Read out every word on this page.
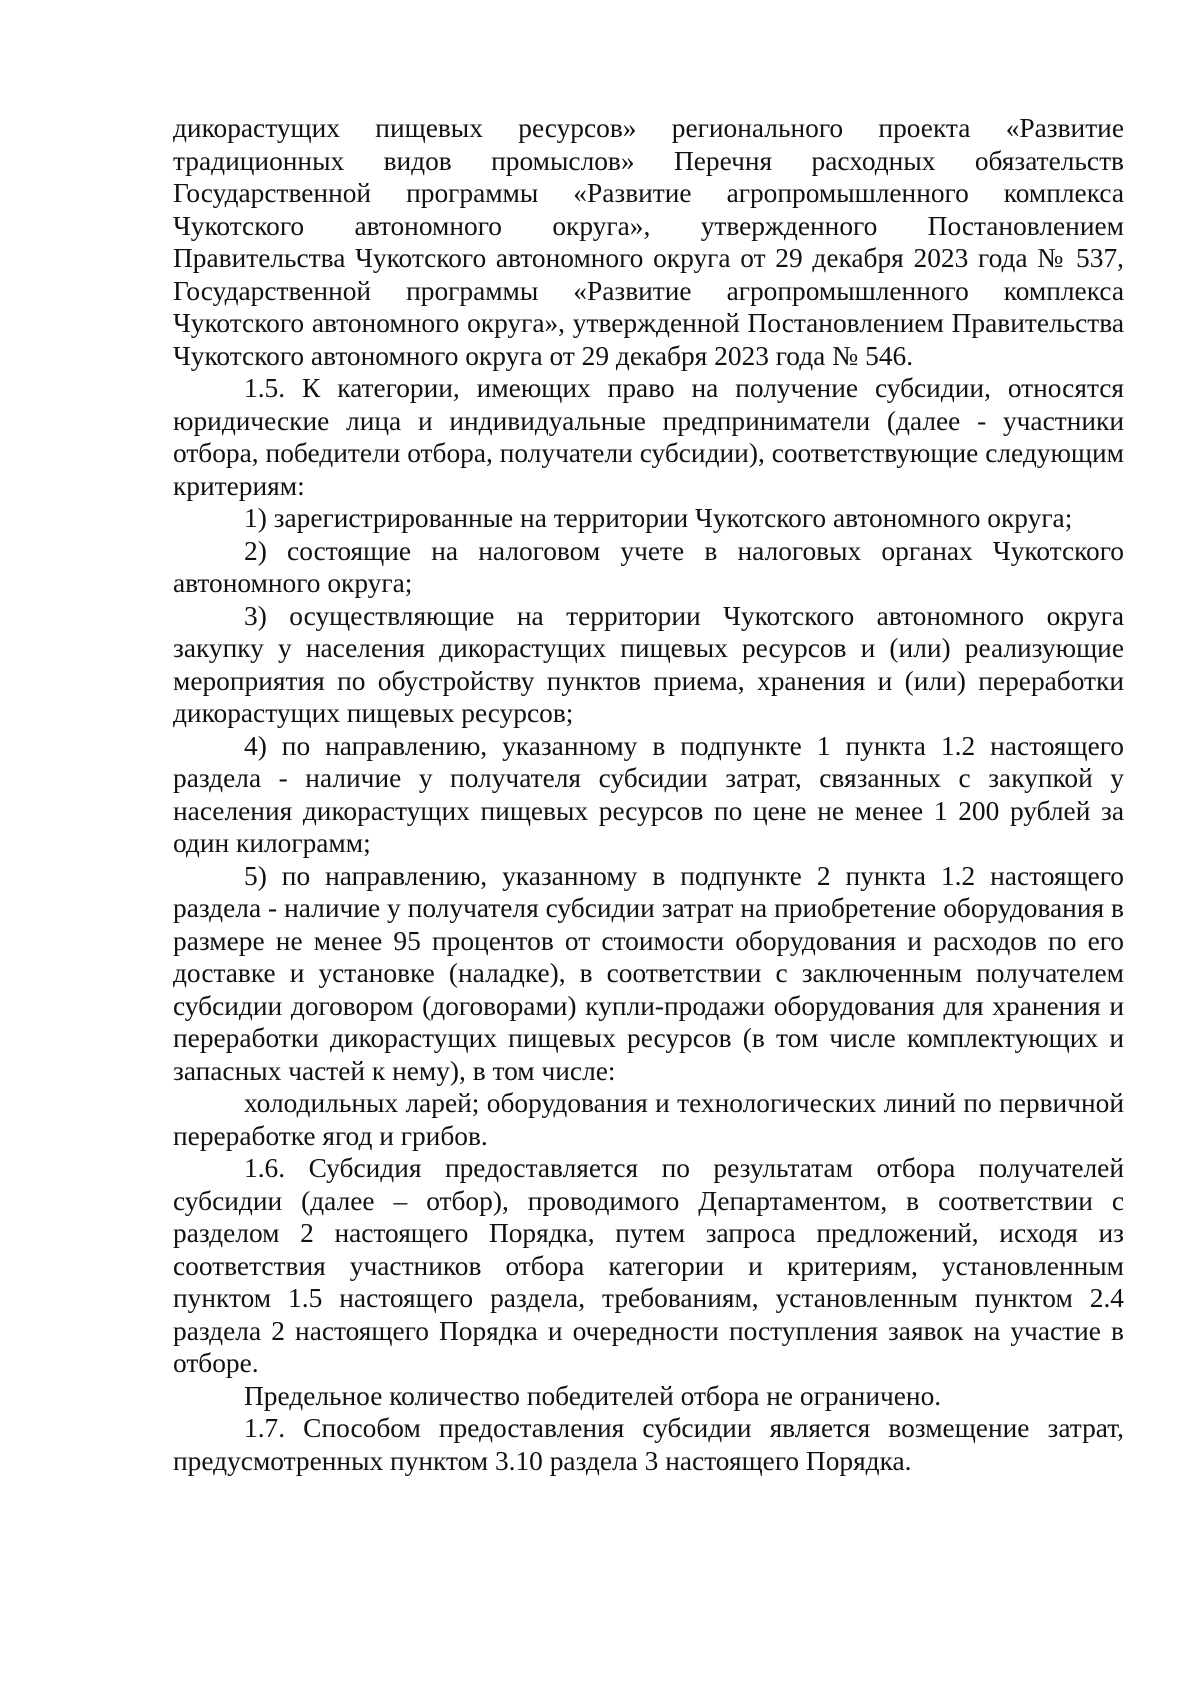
дикорастущих пищевых ресурсов» регионального проекта «Развитие традиционных видов промыслов» Перечня расходных обязательств Государственной программы «Развитие агропромышленного комплекса Чукотского автономного округа», утвержденного Постановлением Правительства Чукотского автономного округа от 29 декабря 2023 года № 537, Государственной программы «Развитие агропромышленного комплекса Чукотского автономного округа», утвержденной Постановлением Правительства Чукотского автономного округа от 29 декабря 2023 года № 546.

1.5. К категории, имеющих право на получение субсидии, относятся юридические лица и индивидуальные предприниматели (далее - участники отбора, победители отбора, получатели субсидии), соответствующие следующим критериям:

1) зарегистрированные на территории Чукотского автономного округа;

2) состоящие на налоговом учете в налоговых органах Чукотского автономного округа;

3) осуществляющие на территории Чукотского автономного округа закупку у населения дикорастущих пищевых ресурсов и (или) реализующие мероприятия по обустройству пунктов приема, хранения и (или) переработки дикорастущих пищевых ресурсов;

4) по направлению, указанному в подпункте 1 пункта 1.2 настоящего раздела - наличие у получателя субсидии затрат, связанных с закупкой у населения дикорастущих пищевых ресурсов по цене не менее 1 200 рублей за один килограмм;

5) по направлению, указанному в подпункте 2 пункта 1.2 настоящего раздела - наличие у получателя субсидии затрат на приобретение оборудования в размере не менее 95 процентов от стоимости оборудования и расходов по его доставке и установке (наладке), в соответствии с заключенным получателем субсидии договором (договорами) купли-продажи оборудования для хранения и переработки дикорастущих пищевых ресурсов (в том числе комплектующих и запасных частей к нему), в том числе:

холодильных ларей; оборудования и технологических линий по первичной переработке ягод и грибов.

1.6. Субсидия предоставляется по результатам отбора получателей субсидии (далее – отбор), проводимого Департаментом, в соответствии с разделом 2 настоящего Порядка, путем запроса предложений, исходя из соответствия участников отбора категории и критериям, установленным пунктом 1.5 настоящего раздела, требованиям, установленным пунктом 2.4 раздела 2 настоящего Порядка и очередности поступления заявок на участие в отборе.

Предельное количество победителей отбора не ограничено.

1.7. Способом предоставления субсидии является возмещение затрат, предусмотренных пунктом 3.10 раздела 3 настоящего Порядка.
